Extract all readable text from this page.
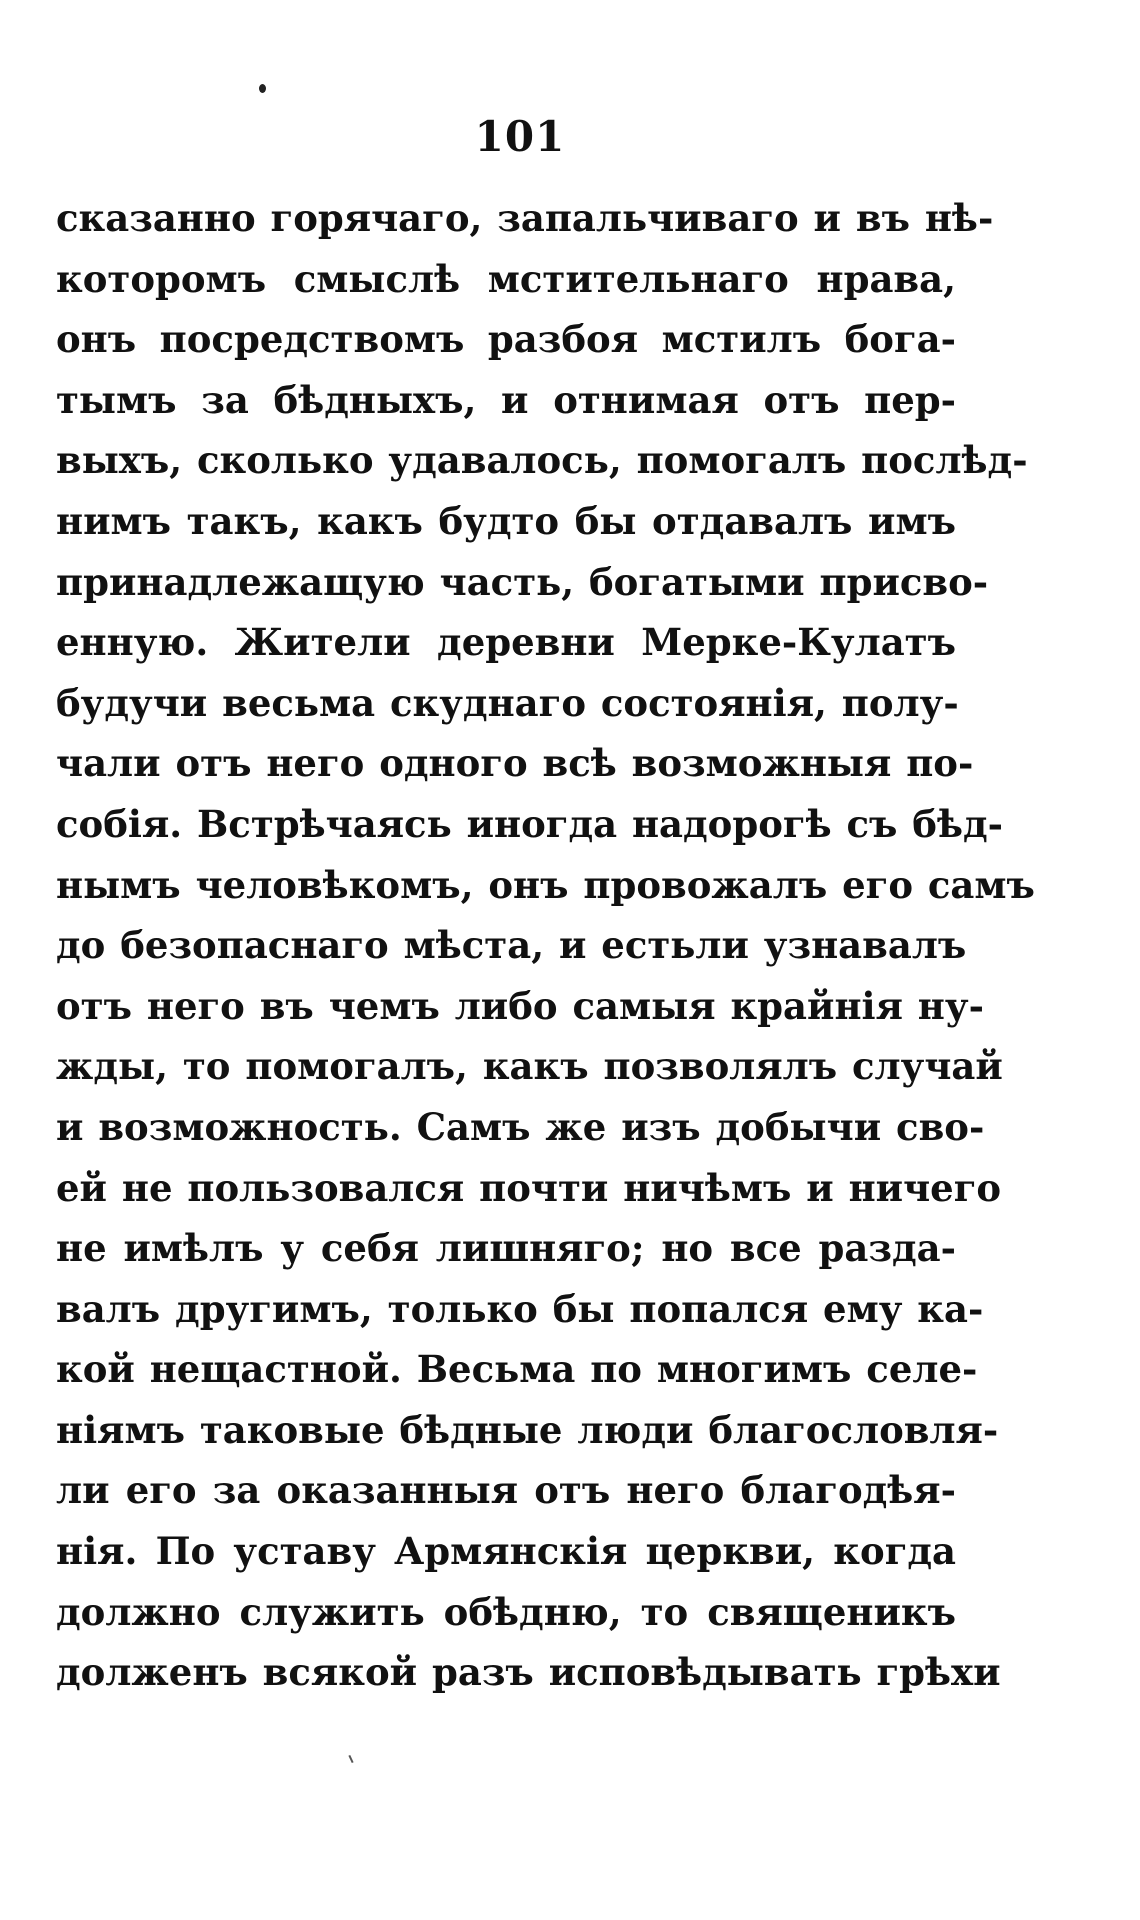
101
сказанно горячаго, запальчиваго и въ нѣ-
которомъ смыслѣ мстительнаго нрава,
онъ посредствомъ разбоя мстилъ бога-
тымъ за бѣдныхъ, и отнимая отъ пер-
выхъ, сколько удавалось, помогалъ послѣд-
нимъ такъ, какъ будто бы отдавалъ имъ
принадлежащую часть, богатыми присво-
енную. Жители деревни Мерке-Кулатъ
будучи весьма скуднаго состоянія, полу-
чали отъ него одного всѣ возможныя по-
собія. Встрѣчаясь иногда надорогѣ съ бѣд-
нымъ человѣкомъ, онъ провожалъ его самъ
до безопаснаго мѣста, и естьли узнавалъ
отъ него въ чемъ либо самыя крайнія ну-
жды, то помогалъ, какъ позволялъ случай
и возможность. Самъ же изъ добычи сво-
ей не пользовался почти ничѣмъ и ничего
не имѣлъ у себя лишняго; но все разда-
валъ другимъ, только бы попался ему ка-
кой нещастной. Весьма по многимъ селе-
ніямъ таковые бѣдные люди благословля-
ли его за оказанныя отъ него благодѣя-
нія. По уставу Армянскія церкви, когда
должно служить обѣдню, то священикъ
долженъ всякой разъ исповѣдывать грѣхи
